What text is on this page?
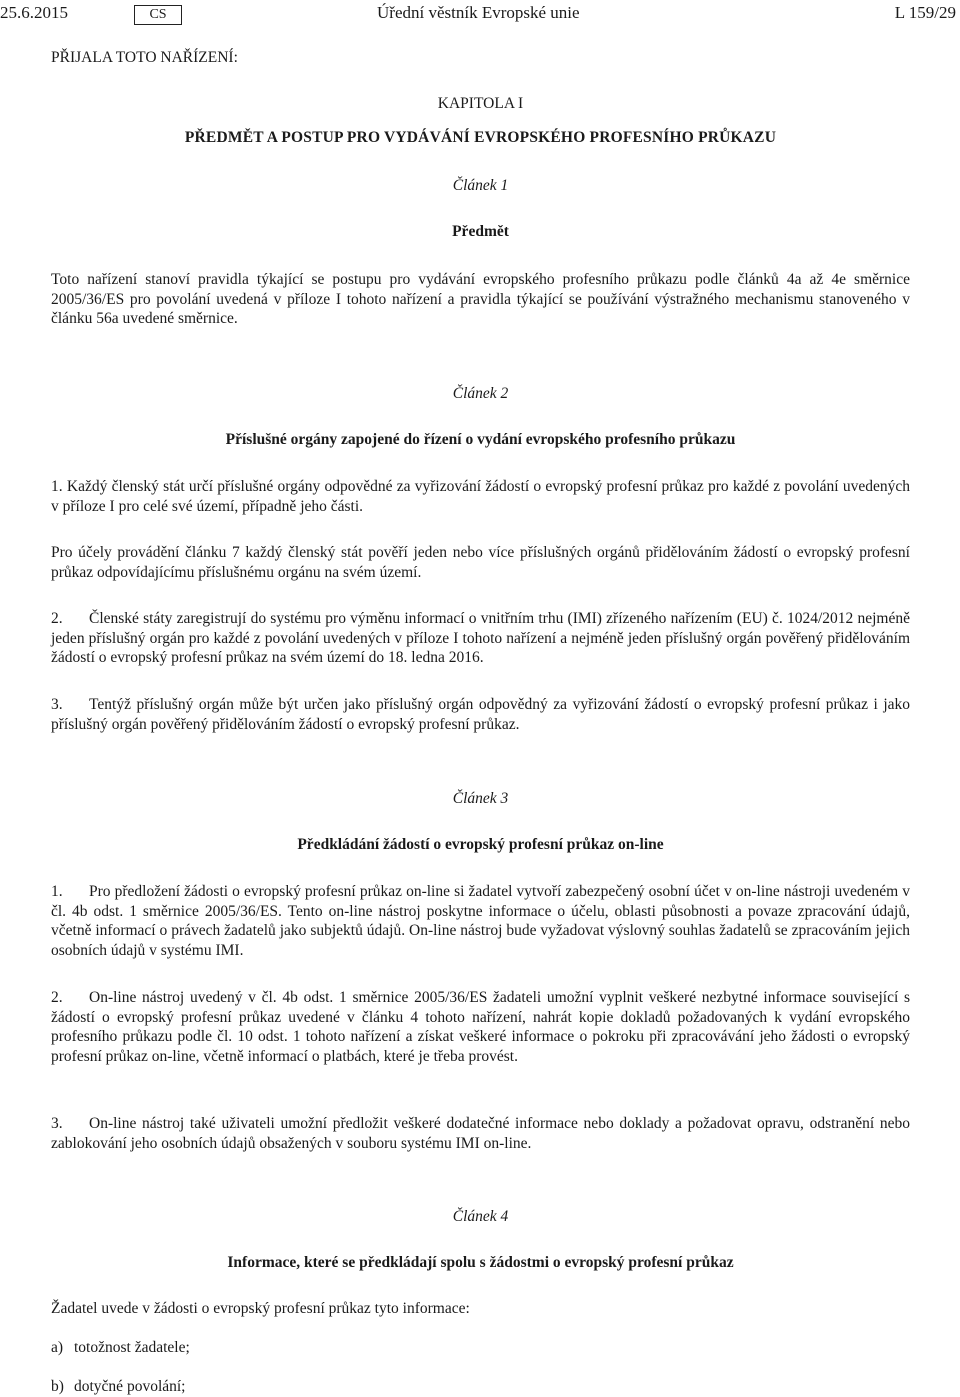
25.6.2015	CS	Úřední věstník Evropské unie	L 159/29
PŘIJALA TOTO NAŘÍZENÍ:
KAPITOLA I
PŘEDMĚT A POSTUP PRO VYDÁVÁNÍ EVROPSKÉHO PROFESNÍHO PRŮKAZU
Článek 1
Předmět
Toto nařízení stanoví pravidla týkající se postupu pro vydávání evropského profesního průkazu podle článků 4a až 4e směrnice 2005/36/ES pro povolání uvedená v příloze I tohoto nařízení a pravidla týkající se používání výstražného mechanismu stanoveného v článku 56a uvedené směrnice.
Článek 2
Příslušné orgány zapojené do řízení o vydání evropského profesního průkazu
1. Každý členský stát určí příslušné orgány odpovědné za vyřizování žádostí o evropský profesní průkaz pro každé z povolání uvedených v příloze I pro celé své území, případně jeho části.
Pro účely provádění článku 7 každý členský stát pověří jeden nebo více příslušných orgánů přidělováním žádostí o evropský profesní průkaz odpovídajícímu příslušnému orgánu na svém území.
2. Členské státy zaregistrují do systému pro výměnu informací o vnitřním trhu (IMI) zřízeného nařízením (EU) č. 1024/2012 nejméně jeden příslušný orgán pro každé z povolání uvedených v příloze I tohoto nařízení a nejméně jeden příslušný orgán pověřený přidělováním žádostí o evropský profesní průkaz na svém území do 18. ledna 2016.
3. Tentýž příslušný orgán může být určen jako příslušný orgán odpovědný za vyřizování žádostí o evropský profesní průkaz i jako příslušný orgán pověřený přidělováním žádostí o evropský profesní průkaz.
Článek 3
Předkládání žádostí o evropský profesní průkaz on-line
1. Pro předložení žádosti o evropský profesní průkaz on-line si žadatel vytvoří zabezpečený osobní účet v on-line nástroji uvedeném v čl. 4b odst. 1 směrnice 2005/36/ES. Tento on-line nástroj poskytne informace o účelu, oblasti působnosti a povaze zpracování údajů, včetně informací o právech žadatelů jako subjektů údajů. On-line nástroj bude vyžadovat výslovný souhlas žadatelů se zpracováním jejich osobních údajů v systému IMI.
2. On-line nástroj uvedený v čl. 4b odst. 1 směrnice 2005/36/ES žadateli umožní vyplnit veškeré nezbytné informace související s žádostí o evropský profesní průkaz uvedené v článku 4 tohoto nařízení, nahrát kopie dokladů požadovaných k vydání evropského profesního průkazu podle čl. 10 odst. 1 tohoto nařízení a získat veškeré informace o pokroku při zpracovávání jeho žádosti o evropský profesní průkaz on-line, včetně informací o platbách, které je třeba provést.
3. On-line nástroj také uživateli umožní předložit veškeré dodatečné informace nebo doklady a požadovat opravu, odstranění nebo zablokování jeho osobních údajů obsažených v souboru systému IMI on-line.
Článek 4
Informace, které se předkládají spolu s žádostmi o evropský profesní průkaz
Žadatel uvede v žádosti o evropský profesní průkaz tyto informace:
a) totožnost žadatele;
b) dotyčné povolání;
